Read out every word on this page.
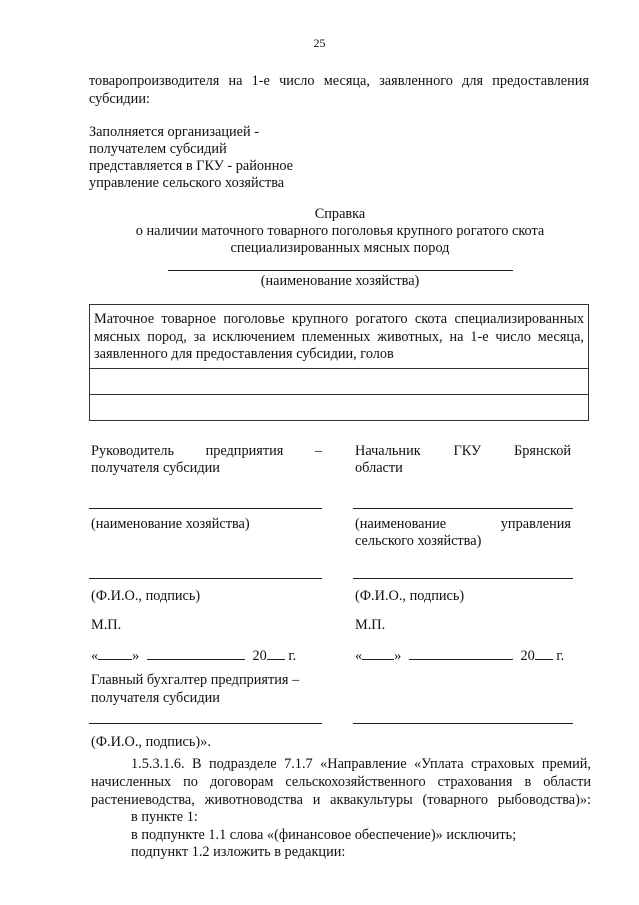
25
товаропроизводителя на 1-е число месяца, заявленного для предоставления
субсидии:
Заполняется организацией -
получателем субсидий
представляется в ГКУ - районное
управление сельского хозяйства
Справка
о наличии маточного товарного поголовья крупного рогатого скота
специализированных мясных пород
(наименование хозяйства)
Маточное товарное поголовье крупного рогатого скота специализированных
мясных пород, за исключением племенных животных, на 1-е число месяца,
заявленного для предоставления субсидии, голов
Руководитель предприятия –
получателя субсидии
(наименование хозяйства)
(Ф.И.О., подпись)
М.П.
« »	20 г.
Главный бухгалтер предприятия –
получателя субсидии
(Ф.И.О., подпись)».
Начальник ГКУ Брянской
области
(наименование управления
сельского хозяйства)
(Ф.И.О., подпись)
М.П.
« »	20 г.
1.5.3.1.6. В подразделе 7.1.7 «Направление «Уплата страховых премий,
начисленных по договорам сельскохозяйственного страхования в области
растениеводства, животноводства и аквакультуры (товарного рыбоводства)»:
в пункте 1:
в подпункте 1.1 слова «(финансовое обеспечение)» исключить;
подпункт 1.2 изложить в редакции:
